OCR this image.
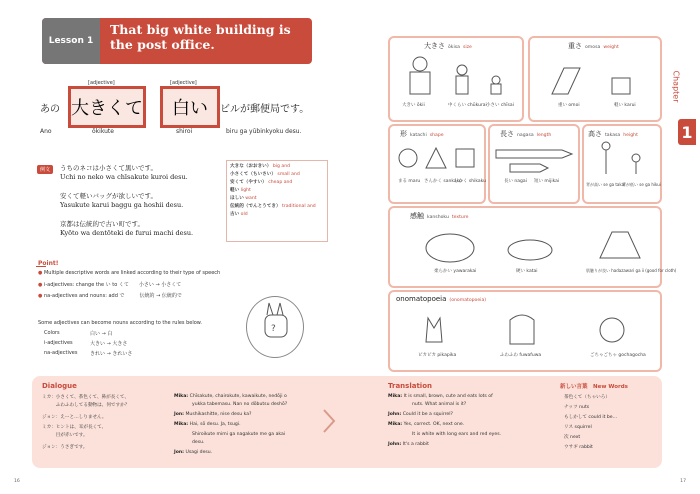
Lesson 1
That big white building is the post office.
[adjective]	[adjective]
あの 大きくて	白い	ビルが郵便局です。
Ano	ōkikute	shiroi	biru ga yūbinkyoku desu.
例文	うちのネコは小さくて黒いです。
Uchi no neko wa chīsakute kuroi desu.
安くて軽いバッグが欲しいです。
Yasukute karui baggu ga hoshii desu.
京都は伝統的で古い町です。
Kyōto wa dentōteki de furui machi desu.
大きな（おおきい） big and
小さくて（ちいさい） small and
安くて（やすい） cheap and
軽い light
ほしい want
伝統的（でんとうてき） traditional and
古い old
Point!
● Multiple descriptive words are linked according to their type of speech
● i-adjectives: change the い to くて　　小さい → 小さくて
● na-adjectives and nouns: add で　　　伝統的 → 伝統的で
Some adjectives can become nouns according to the rules below.
Colors	白い → 白
i-adjectives	大きい → 大きさ
na-adjectives	きれい → きれいさ
?
16
Chapter
1
17
大きさ ōkisa size
大きい ōkii	中くらい chūkurai 小さい chīsai
重さ omosa weight
重い omoi	軽い karui
形katachi shape
まる maru さんかく sankaku
しかく shikaku
長さ nagasa length
長い nagai 短い mijikai
高さ takasa height
背が高い se ga takai
背が低い se ga hikui
感触 kanshoku texture
柔らかい yawarakai	硬い katai	肌触りが良い hadazawari ga ii (good for cloth)
onomatopoeia (onomatopoeia)
ピカピカ pikapika	ふわふわ fuwafuwa	ごちゃごちゃ gochagocha
Dialogue
ミカ：小さくて、茶色くて、鼻が長くて、
　　　ふわふわしてる動物は、何ですか？
ジョン：えーと…しりません。
ミカ：ヒントは、耳が長くて、
　　　目が赤いです。
ジョン：うさぎです。
Mika: Chīsakute, chairokute, kawaikute, nedōji o
yukka tabemasu. Nan no dōbutsu deshō?
Jon: Mushikashitte, nise desu ka?
Mika: Hai, sō desu. Ja, tsugi.
Shiroikute mimi ga nagakute me ga akai
desu.
Jon: Usagi desu.
Translation
Mika: It is small, brown, cute and eats lots of
nuts. What animal is it?
John: Could it be a squirrel?
Mika: Yes, correct. OK, next one.
It is white with long ears and red eyes.
John: It's a rabbit
新しい言葉　New Words
茶色くて（ちゃいろ）
ナッツ nuts
もしかして could it be...
リス squirrel
次 next
ウサギ rabbit
